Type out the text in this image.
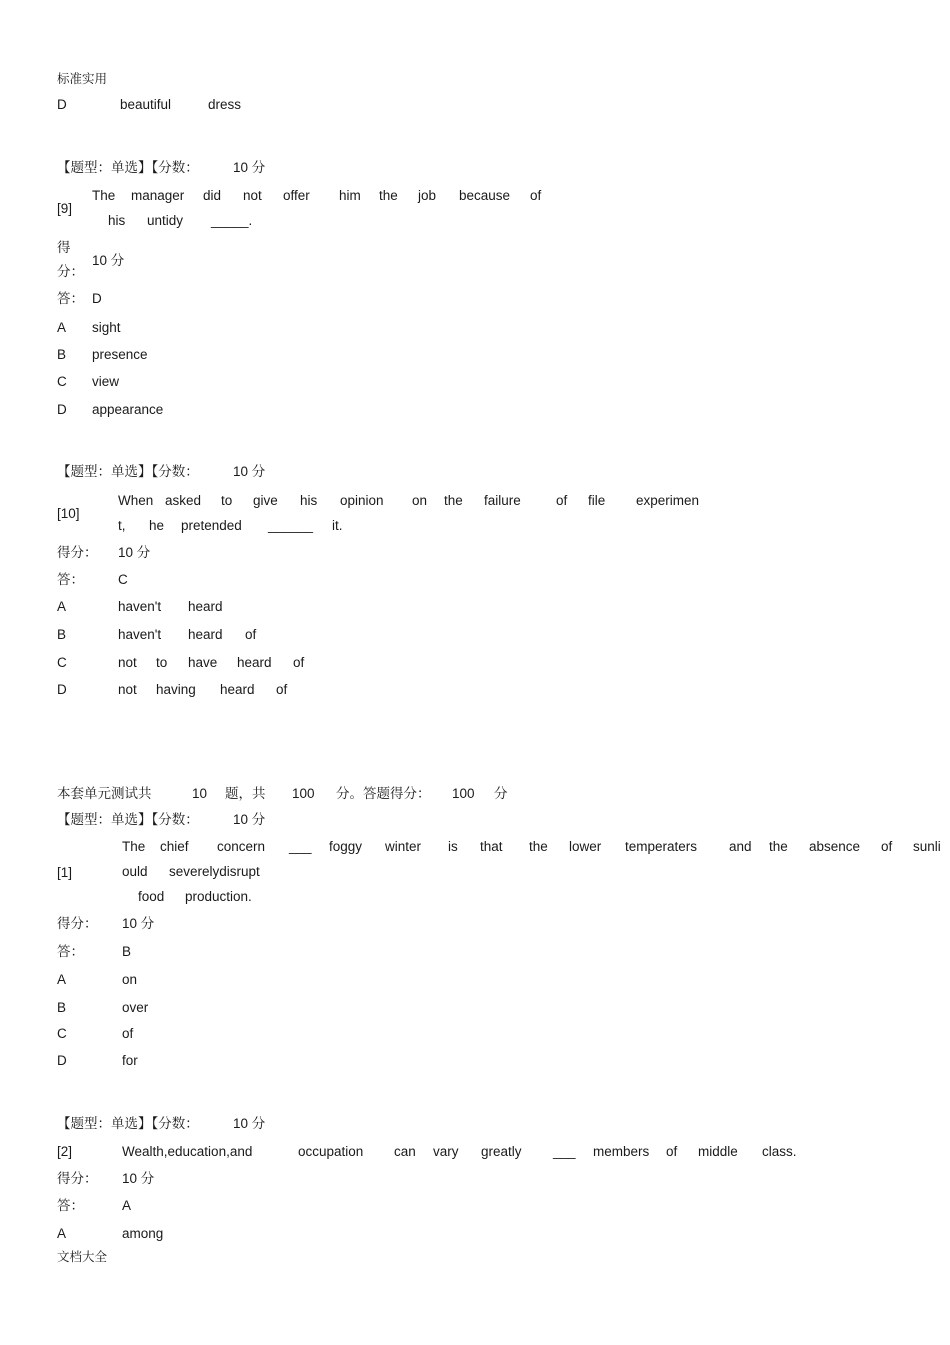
标准实用
D	beautiful	dress
【题型：单选】【分数：	10 分
[9]
The manager did not offer him the job because of
his untidy _____.
得
分：
10 分
答： D
A sight
B presence
C view
D appearance
【题型：单选】【分数：	10 分
[10]
When asked to give his opinion on the failure	of file experimen
t, he pretended ______ it.
得分： 10 分
答：	C
A	haven't heard
B	haven't heard of
C	not to have heard of
D	not having heard of
本套单元测试共	10 题，共 100 分。答题得分： 100 分
【题型：单选】【分数：	10 分
[1]
The chief concern ___ foggy winter is that the lower temperaters and the absence of sunli
ould severelydisrupt
food production.
得分： 10 分
答：	B
A	on
B	over
C	of
D	for
【题型：单选】【分数：	10 分
[2]	Wealth,education,and	occupation can vary greatly ___ members of middle class.
得分： 10 分
答：	A
A	among
文档大全
